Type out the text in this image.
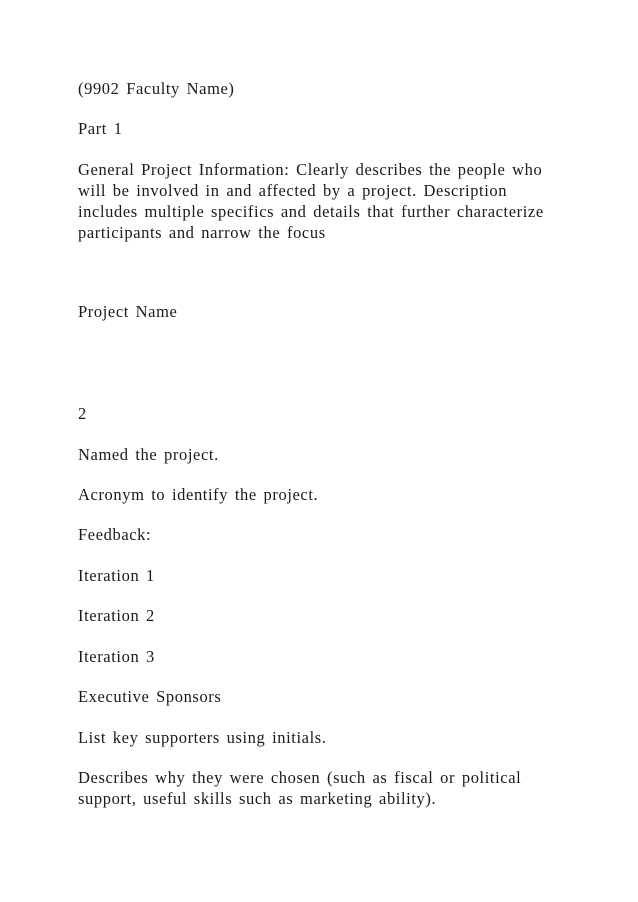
(9902 Faculty Name)

Part 1

General Project Information: Clearly describes the people who
will be involved in and affected by a project. Description
includes multiple specifics and details that further characterize
participants and narrow the focus

Project Name

2

Named the project.

Acronym to identify the project.

Feedback:

Iteration 1

Iteration 2

Iteration 3

Executive Sponsors

List key supporters using initials.

Describes why they were chosen (such as fiscal or political
support, useful skills such as marketing ability).
